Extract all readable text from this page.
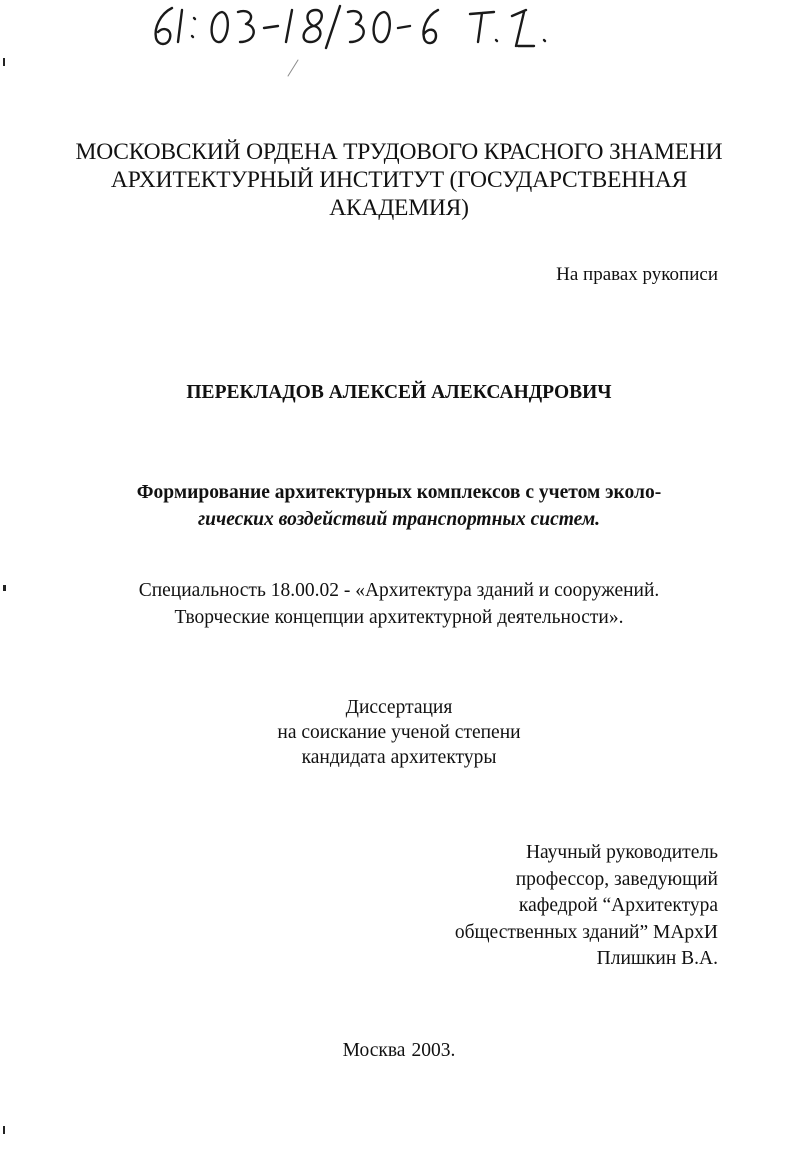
МОСКОВСКИЙ ОРДЕНА ТРУДОВОГО КРАСНОГО ЗНАМЕНИ
АРХИТЕКТУРНЫЙ ИНСТИТУТ (ГОСУДАРСТВЕННАЯ
АКАДЕМИЯ)
На правах рукописи
ПЕРЕКЛАДОВ АЛЕКСЕЙ АЛЕКСАНДРОВИЧ
Формирование архитектурных комплексов с учетом эколо-
гических воздействий транспортных систем.
Специальность 18.00.02 - «Архитектура зданий и сооружений.
Творческие концепции архитектурной деятельности».
Диссертация
на соискание ученой степени
кандидата архитектуры
Научный руководитель
профессор, заведующий
кафедрой “Архитектура
общественных зданий” МАрхИ
Плишкин В.А.
Москва 2003.
